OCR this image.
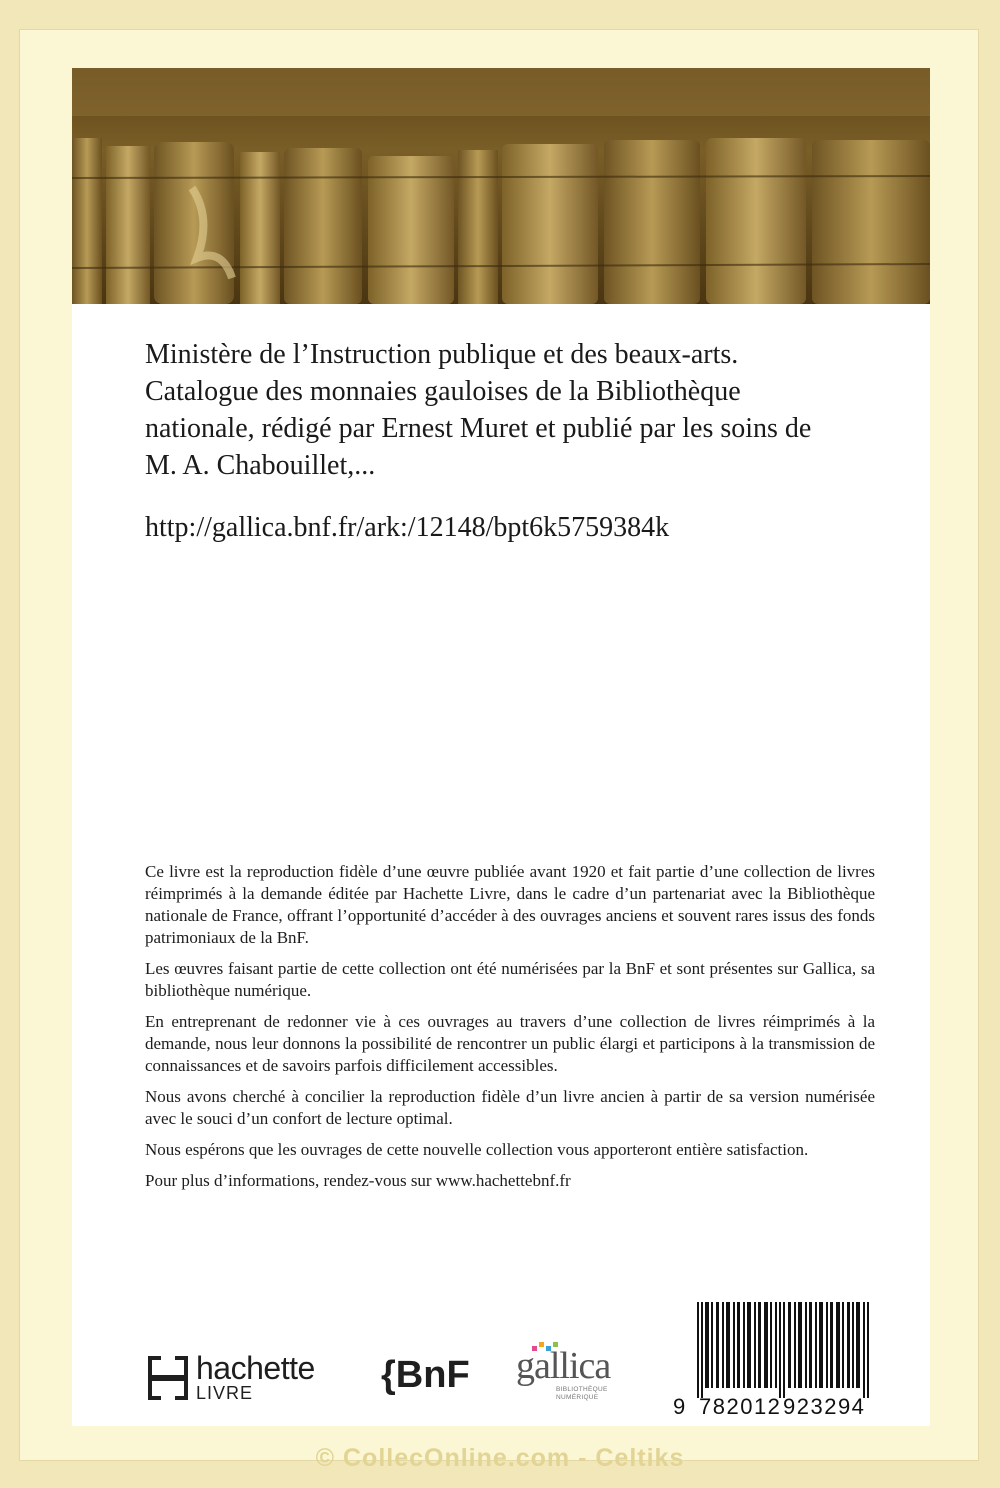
Ministère de l’Instruction publique et des beaux-arts. Catalogue des monnaies gauloises de la Bibliothèque nationale, rédigé par Ernest Muret et publié par les soins de M. A. Chabouillet,...

http://gallica.bnf.fr/ark:/12148/bpt6k5759384k

Ce livre est la reproduction fidèle d’une œuvre publiée avant 1920 et fait partie d’une collection de livres réimprimés à la demande éditée par Hachette Livre, dans le cadre d’un partenariat avec la Bibliothèque nationale de France, offrant l’opportunité d’accéder à des ouvrages anciens et souvent rares issus des fonds patrimoniaux de la BnF.

Les œuvres faisant partie de cette collection ont été numérisées par la BnF et sont présentes sur Gallica, sa bibliothèque numérique.

En entreprenant de redonner vie à ces ouvrages au travers d’une collection de livres réimprimés à la demande, nous leur donnons la possibilité de rencontrer un public élargi et participons à la transmission de connaissances et de savoirs parfois difficilement accessibles.

Nous avons cherché à concilier la reproduction fidèle d’un livre ancien à partir de sa version numérisée avec le souci d’un confort de lecture optimal.

Nous espérons que les ouvrages de cette nouvelle collection vous apporteront entière satisfaction.

Pour plus d’informations, rendez-vous sur www.hachettebnf.fr

hachette
LIVRE	{BnF gallica
BIBLIOTHÈQUE NUMÉRIQUE	9 782012 923294
© CollecOnline.com - Celtiks
